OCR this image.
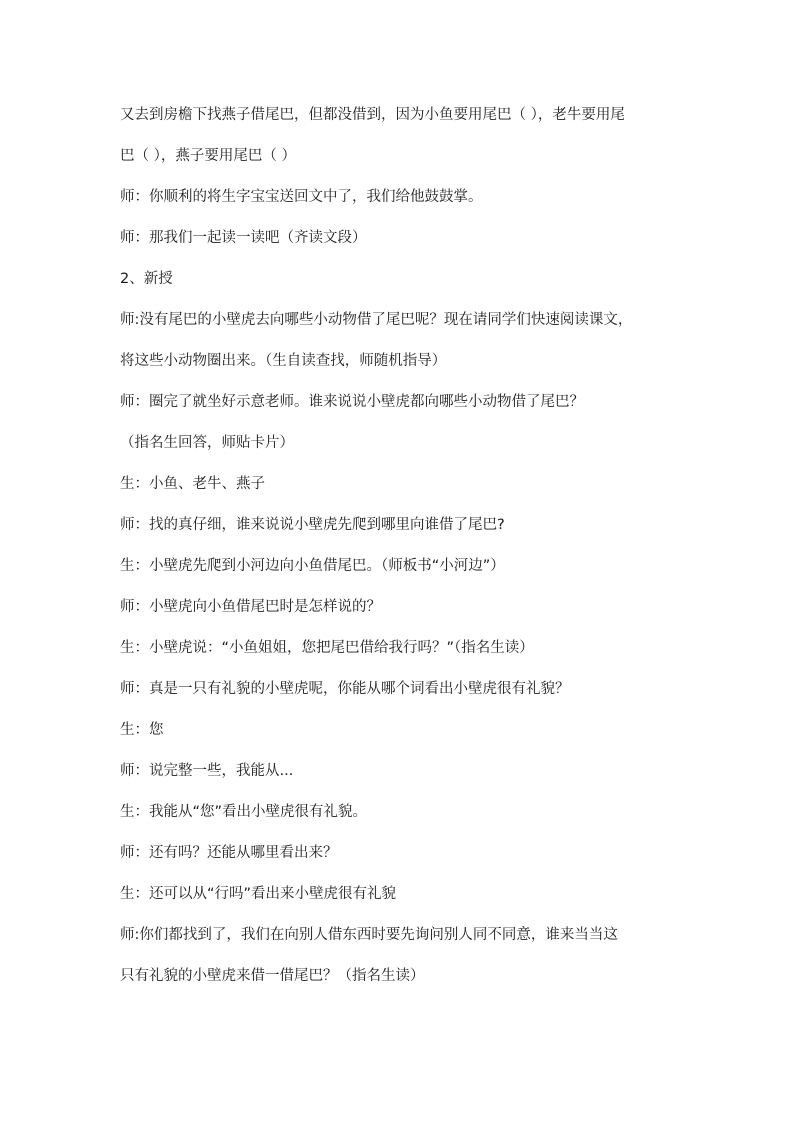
又去到房檐下找燕子借尾巴，但都没借到，因为小鱼要用尾巴（ ），老牛要用尾

巴（ ），燕子要用尾巴（ ）

师：你顺利的将生字宝宝送回文中了，我们给他鼓鼓掌。

师：那我们一起读一读吧（齐读文段）

2、新授

师:没有尾巴的小壁虎去向哪些小动物借了尾巴呢？现在请同学们快速阅读课文，

将这些小动物圈出来。（生自读查找，师随机指导）

师：圈完了就坐好示意老师。谁来说说小壁虎都向哪些小动物借了尾巴？

（指名生回答，师贴卡片）

生：小鱼、老牛、燕子

师：找的真仔细，谁来说说小壁虎先爬到哪里向谁借了尾巴?

生：小壁虎先爬到小河边向小鱼借尾巴。（师板书“小河边”）

师：小壁虎向小鱼借尾巴时是怎样说的？

生：小壁虎说：“小鱼姐姐，您把尾巴借给我行吗？”（指名生读）

师：真是一只有礼貌的小壁虎呢，你能从哪个词看出小壁虎很有礼貌？

生：您

师：说完整一些，我能从...

生：我能从“您”看出小壁虎很有礼貌。

师：还有吗？还能从哪里看出来？

生：还可以从“行吗”看出来小壁虎很有礼貌

师:你们都找到了，我们在向别人借东西时要先询问别人同不同意，谁来当当这

只有礼貌的小壁虎来借一借尾巴？（指名生读）
